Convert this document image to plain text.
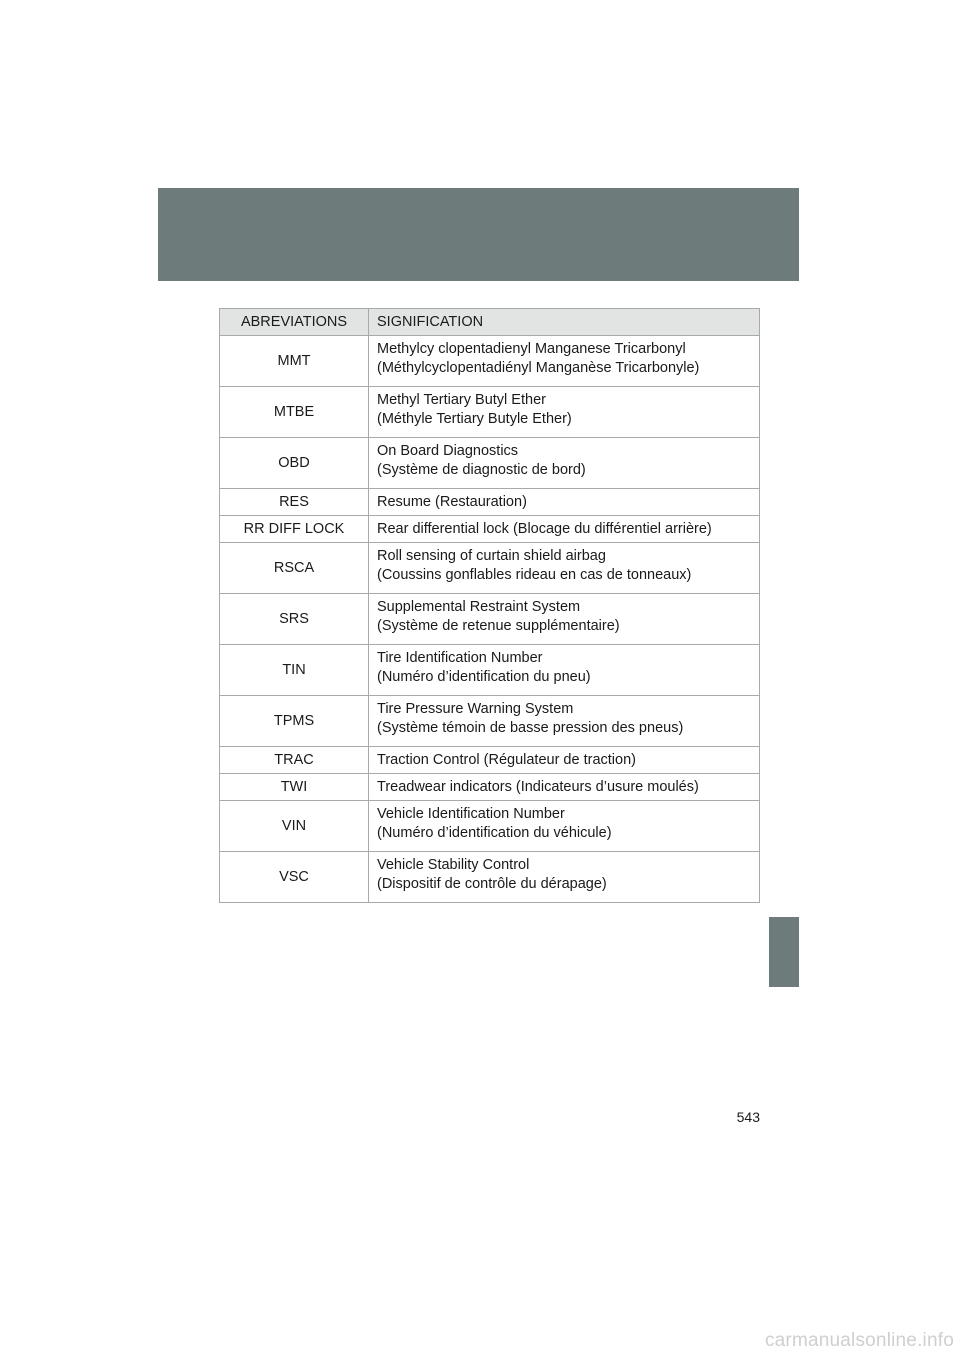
ABREVIATIONS	SIGNIFICATION
MMT	Methylcy clopentadienyl Manganese Tricarbonyl
(Méthylcyclopentadiényl Manganèse Tricarbonyle)

MTBE	Methyl Tertiary Butyl Ether
(Méthyle Tertiary Butyle Ether)

OBD	On Board Diagnostics
(Système de diagnostic de bord)

RES	Resume (Restauration)

RR DIFF LOCK	Rear differential lock (Blocage du différentiel arrière)

RSCA	Roll sensing of curtain shield airbag
(Coussins gonflables rideau en cas de tonneaux)

SRS	Supplemental Restraint System
(Système de retenue supplémentaire)

TIN	Tire Identification Number
(Numéro d’identification du pneu)

TPMS	Tire Pressure Warning System
(Système témoin de basse pression des pneus)

TRAC	Traction Control (Régulateur de traction)

TWI	Treadwear indicators (Indicateurs d’usure moulés)

VIN	Vehicle Identification Number
(Numéro d’identification du véhicule)

VSC	Vehicle Stability Control
(Dispositif de contrôle du dérapage)
543
carmanualsonline.info
